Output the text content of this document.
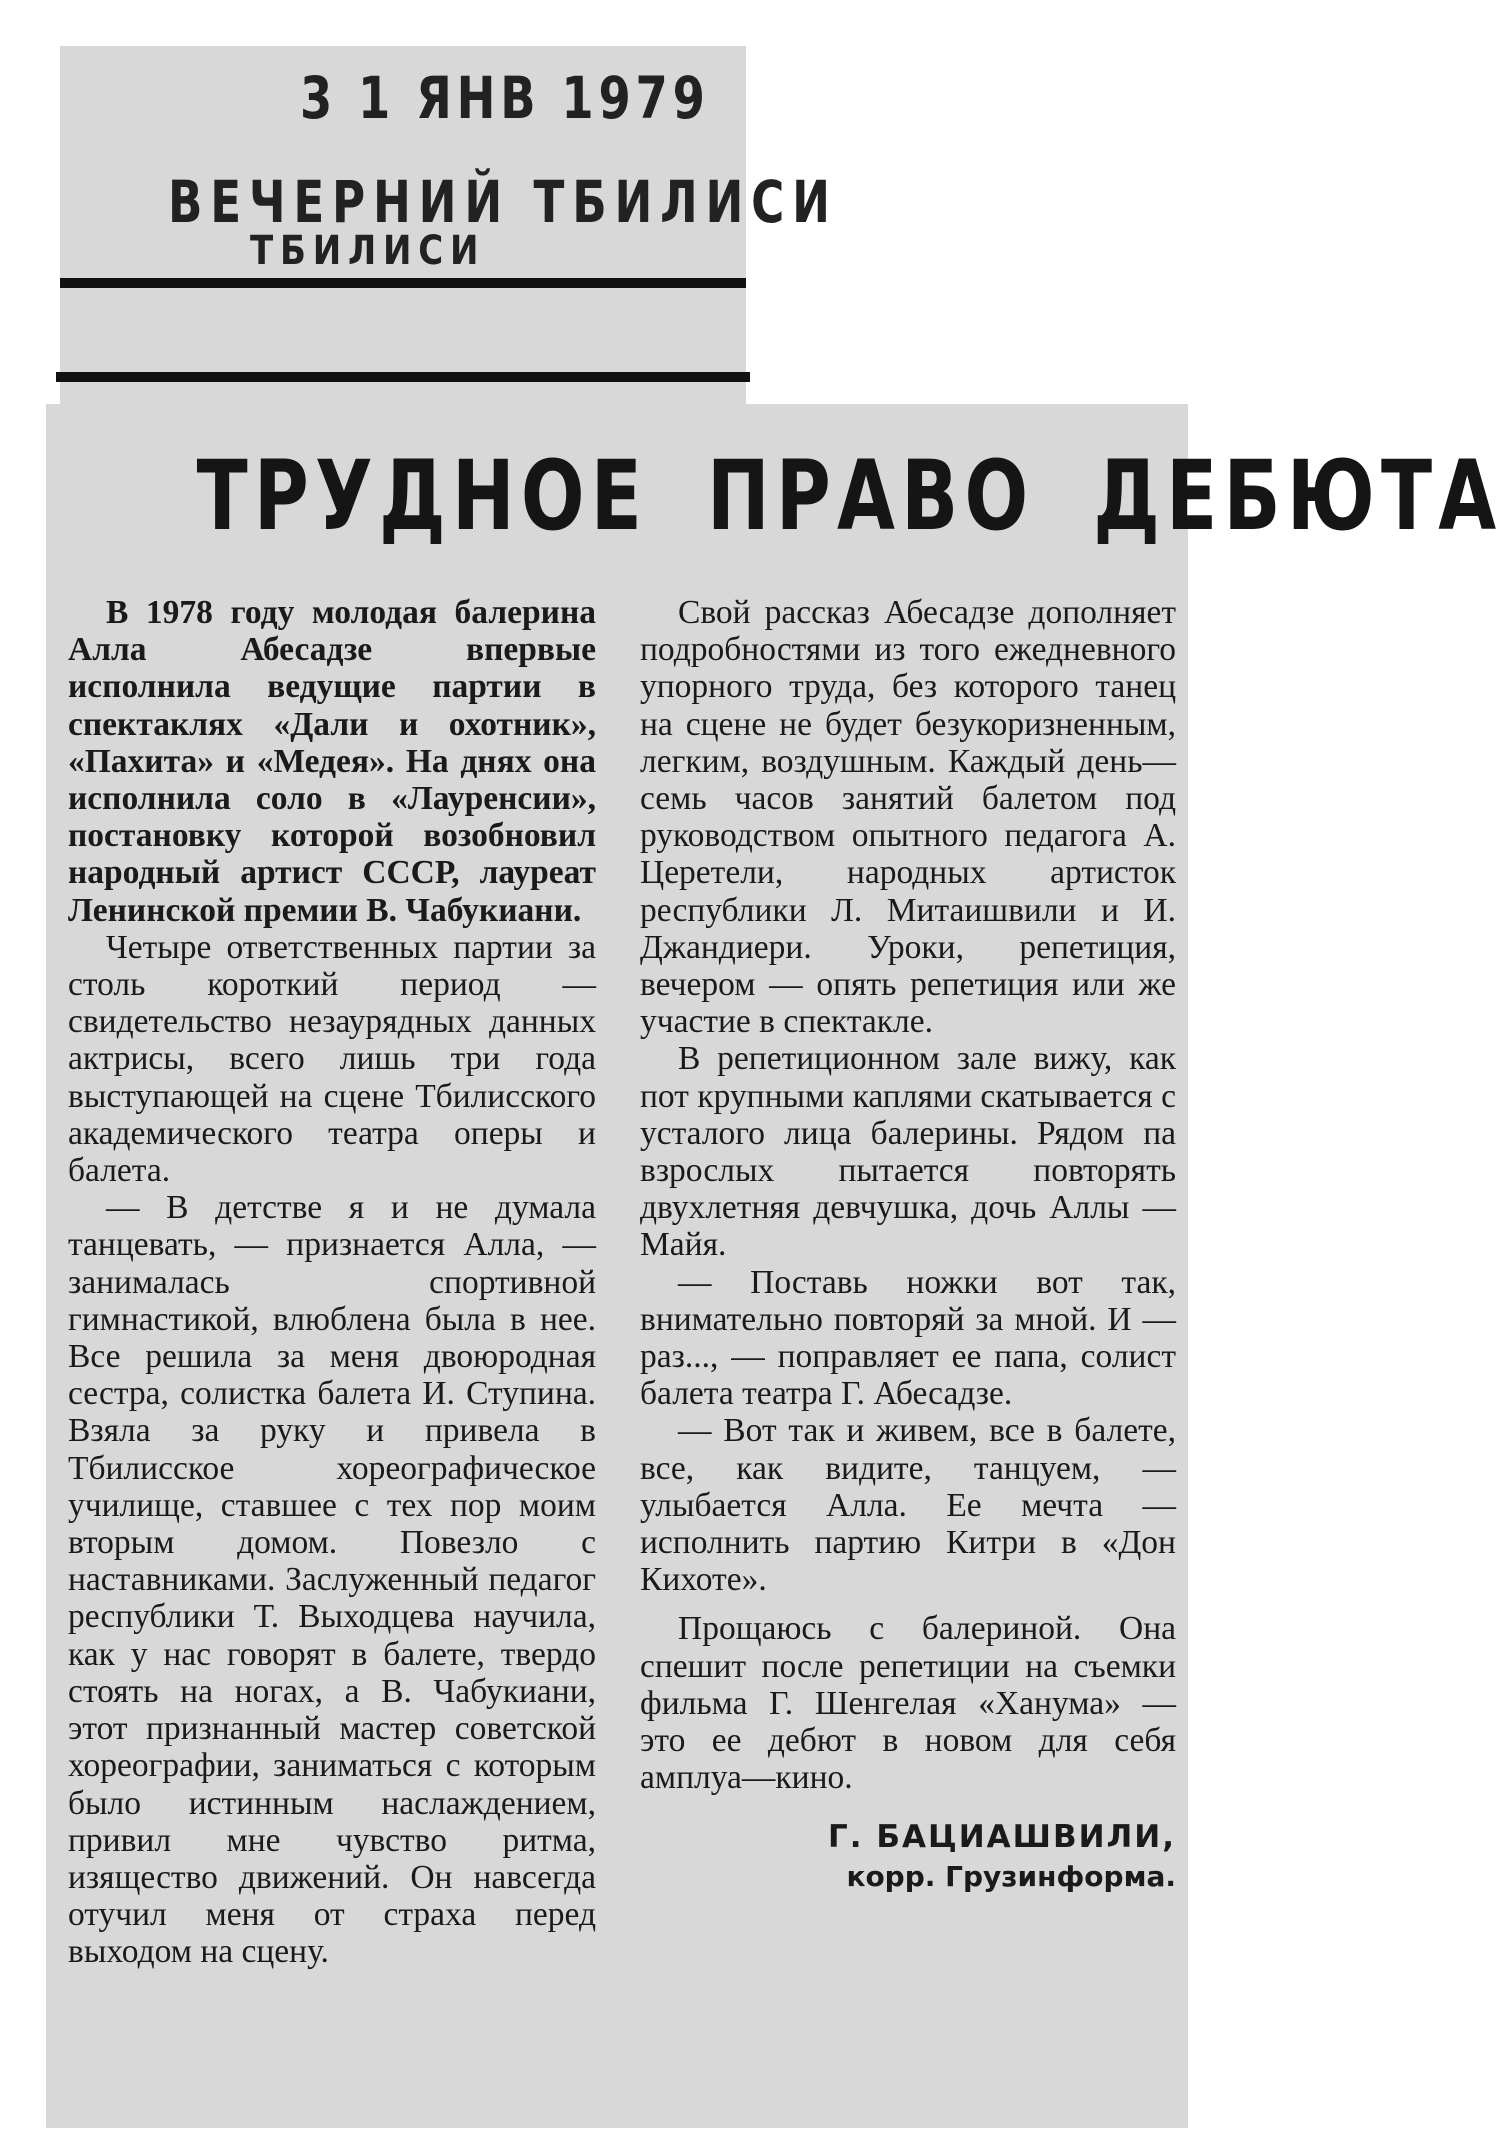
3 1 ЯНВ 1979
ВЕЧЕРНИЙ ТБИЛИСИ
ТБИЛИСИ
ТРУДНОЕ ПРАВО ДЕБЮТА

В 1978 году молодая балерина Алла Абесадзе впервые исполнила ведущие партии в спектаклях «Дали и охотник», «Пахита» и «Медея». На днях она исполнила соло в «Лауренсии», постановку которой возобновил народный артист СССР, лауреат Ленинской премии В. Чабукиани.

Четыре ответственных партии за столь короткий период — свидетельство незаурядных данных актрисы, всего лишь три года выступающей на сцене Тбилисского академического театра оперы и балета.

— В детстве я и не думала танцевать, — признается Алла, — занималась спортивной гимнастикой, влюблена была в нее. Все решила за меня двоюродная сестра, солистка балета И. Ступина. Взяла за руку и привела в Тбилисское хореографическое училище, ставшее с тех пор моим вторым домом. Повезло с наставниками. Заслуженный педагог республики Т. Выходцева научила, как у нас говорят в балете, твердо стоять на ногах, а В. Чабукиани, этот признанный мастер советской хореографии, заниматься с которым было истинным наслаждением, привил мне чувство ритма, изящество движений. Он навсегда отучил меня от страха перед выходом на сцену.

Свой рассказ Абесадзе дополняет подробностями из того ежедневного упорного труда, без которого танец на сцене не будет безукоризненным, легким, воздушным. Каждый день—семь часов занятий балетом под руководством опытного педагога А. Церетели, народных артисток республики Л. Митаишвили и И. Джандиери. Уроки, репетиция, вечером — опять репетиция или же участие в спектакле.

В репетиционном зале вижу, как пот крупными каплями скатывается с усталого лица балерины. Рядом па взрослых пытается повторять двухлетняя девчушка, дочь Аллы — Майя.

— Поставь ножки вот так, внимательно повторяй за мной. И — раз..., — поправляет ее папа, солист балета театра Г. Абесадзе.

— Вот так и живем, все в балете, все, как видите, танцуем, — улыбается Алла. Ее мечта — исполнить партию Китри в «Дон Кихоте».

Прощаюсь с балериной. Она спешит после репетиции на съемки фильма Г. Шенгелая «Ханума» — это ее дебют в новом для себя амплуа—кино.

Г. БАЦИАШВИЛИ,
корр. Грузинформа.
